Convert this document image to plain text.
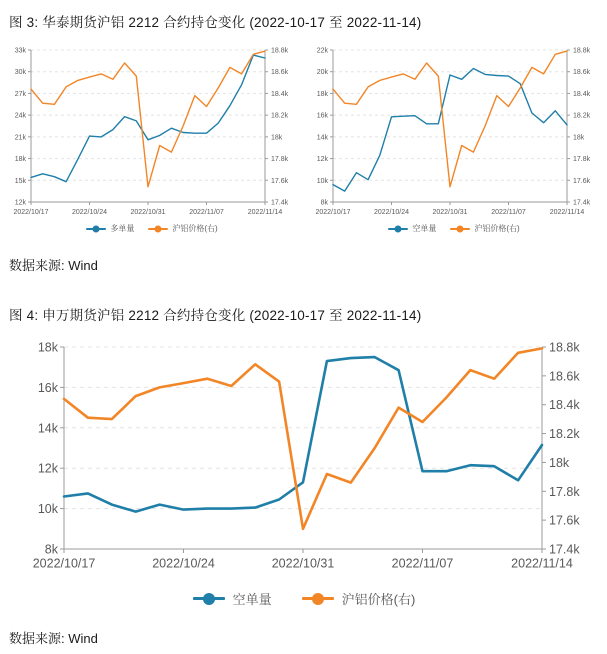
图 3: 华泰期货沪铝 2212 合约持仓变化 (2022-10-17 至 2022-11-14)
12k
15k
18k
21k
24k
27k
30k
33k
17.4k
17.6k
17.8k
18k
18.2k
18.4k
18.6k
18.8k
2022/10/17	2022/10/24	2022/10/31	2022/11/07	2022/11/14
多单量	沪铝价格(右)
8k
10k
12k
14k
16k
18k
20k
22k
17.4k
17.6k
17.8k
18k
18.2k
18.4k
18.6k
18.8k
2022/10/17	2022/10/24	2022/10/31	2022/11/07	2022/11/14
空单量	沪铝价格(右)
数据来源: Wind
图 4: 申万期货沪铝 2212 合约持仓变化 (2022-10-17 至 2022-11-14)
8k
10k
12k
14k
16k
18k
17.4k
17.6k
17.8k
18k
18.2k
18.4k
18.6k
18.8k
2022/10/17	2022/10/24	2022/10/31	2022/11/07	2022/11/14
空单量	沪铝价格(右)
数据来源: Wind
